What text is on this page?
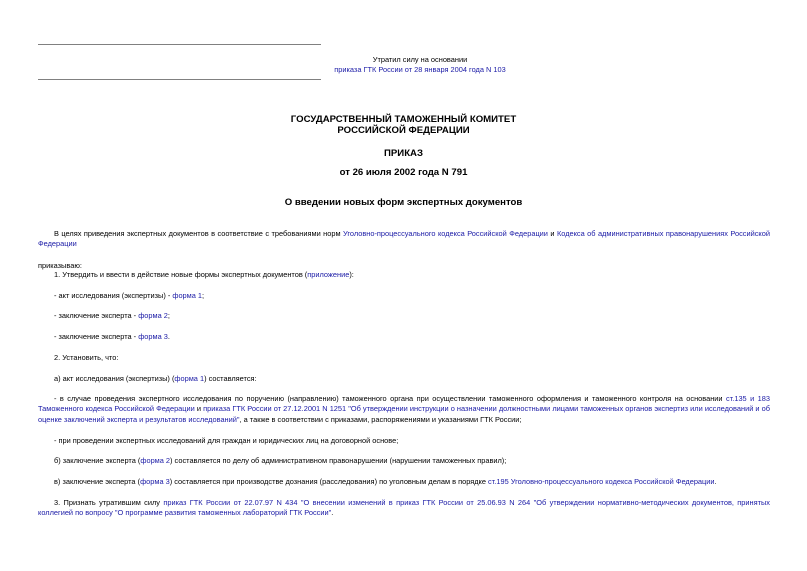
Утратил силу на основании
приказа ГТК России от 28 января 2004 года N 103
ГОСУДАРСТВЕННЫЙ ТАМОЖЕННЫЙ КОМИТЕТ
РОССИЙСКОЙ ФЕДЕРАЦИИ
ПРИКАЗ
от 26 июля 2002 года N 791
О введении новых форм экспертных документов
В целях приведения экспертных документов в соответствие с требованиями норм Уголовно-процессуального кодекса Российской Федерации и Кодекса об административных правонарушениях Российской Федерации
приказываю:
1. Утвердить и ввести в действие новые формы экспертных документов (приложение):
- акт исследования (экспертизы) - форма 1;
- заключение эксперта - форма 2;
- заключение эксперта - форма 3.
2. Установить, что:
а) акт исследования (экспертизы) (форма 1) составляется:
- в случае проведения экспертного исследования по поручению (направлению) таможенного органа при осуществлении таможенного оформления и таможенного контроля на основании ст.135 и 183 Таможенного кодекса Российской Федерации и приказа ГТК России от 27.12.2001 N 1251 "Об утверждении инструкции о назначении должностными лицами таможенных органов экспертиз или исследований и об оценке заключений эксперта и результатов исследований", а также в соответствии с приказами, распоряжениями и указаниями ГТК России;
- при проведении экспертных исследований для граждан и юридических лиц на договорной основе;
б) заключение эксперта (форма 2) составляется по делу об административном правонарушении (нарушении таможенных правил);
в) заключение эксперта (форма 3) составляется при производстве дознания (расследования) по уголовным делам в порядке ст.195 Уголовно-процессуального кодекса Российской Федерации.
3. Признать утратившим силу приказ ГТК России от 22.07.97 N 434 "О внесении изменений в приказ ГТК России от 25.06.93 N 264 "Об утверждении нормативно-методических документов, принятых коллегией по вопросу "О программе развития таможенных лабораторий ГТК России".
